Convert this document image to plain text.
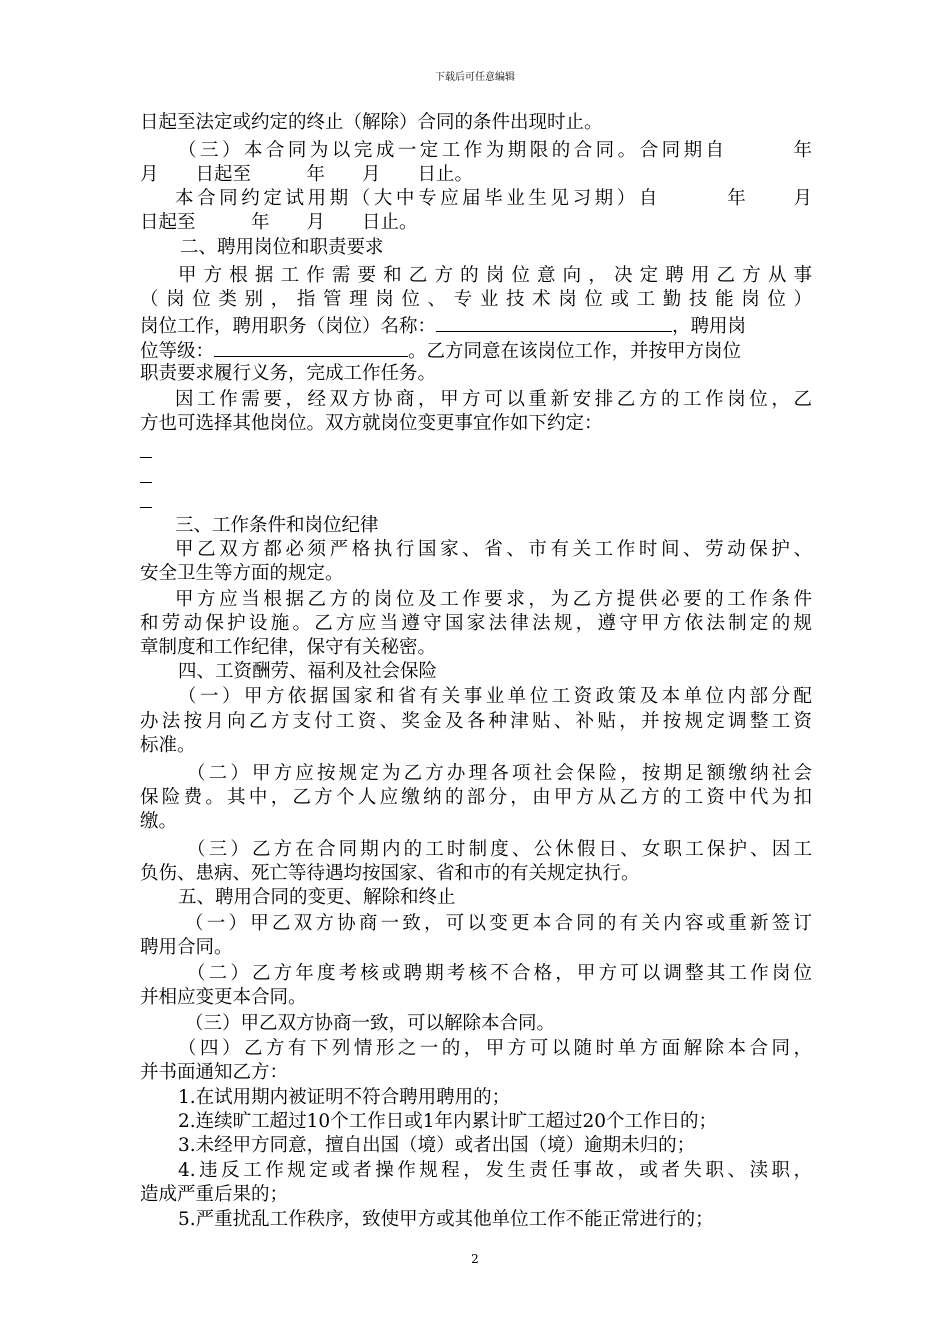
下载后可任意编辑
日起至法定或约定的终止（解除）合同的条件出现时止。
（三）本合同为以完成一定工作为期限的合同。合同期自　　　年
月　　日起至　　　年　　月　　日止。
本合同约定试用期（大中专应届毕业生见习期）自　　　年　　月
日起至　　　年　　月　　日止。
二、聘用岗位和职责要求
甲方根据工作需要和乙方的岗位意向，决定聘用乙方从事
（岗位类别，指管理岗位、专业技术岗位或工勤技能岗位）
岗位工作，聘用职务（岗位）名称：	，聘用岗
位等级：	。乙方同意在该岗位工作，并按甲方岗位
职责要求履行义务，完成工作任务。
因工作需要，经双方协商，甲方可以重新安排乙方的工作岗位，乙
方也可选择其他岗位。双方就岗位变更事宜作如下约定：
三、工作条件和岗位纪律
甲乙双方都必须严格执行国家、省、市有关工作时间、劳动保护、
安全卫生等方面的规定。
甲方应当根据乙方的岗位及工作要求，为乙方提供必要的工作条件
和劳动保护设施。乙方应当遵守国家法律法规，遵守甲方依法制定的规
章制度和工作纪律，保守有关秘密。
四、工资酬劳、福利及社会保险
（一）甲方依据国家和省有关事业单位工资政策及本单位内部分配
办法按月向乙方支付工资、奖金及各种津贴、补贴，并按规定调整工资
标准。
（二）甲方应按规定为乙方办理各项社会保险，按期足额缴纳社会
保险费。其中，乙方个人应缴纳的部分，由甲方从乙方的工资中代为扣
缴。
（三）乙方在合同期内的工时制度、公休假日、女职工保护、因工
负伤、患病、死亡等待遇均按国家、省和市的有关规定执行。
五、聘用合同的变更、解除和终止
（一）甲乙双方协商一致，可以变更本合同的有关内容或重新签订
聘用合同。
（二）乙方年度考核或聘期考核不合格，甲方可以调整其工作岗位
并相应变更本合同。
（三）甲乙双方协商一致，可以解除本合同。
（四）乙方有下列情形之一的，甲方可以随时单方面解除本合同，
并书面通知乙方：
1.在试用期内被证明不符合聘用聘用的；
2.连续旷工超过10个工作日或1年内累计旷工超过20个工作日的；
3.未经甲方同意，擅自出国（境）或者出国（境）逾期未归的；
4.违反工作规定或者操作规程，发生责任事故，或者失职、渎职，
造成严重后果的；
5.严重扰乱工作秩序，致使甲方或其他单位工作不能正常进行的；
2
